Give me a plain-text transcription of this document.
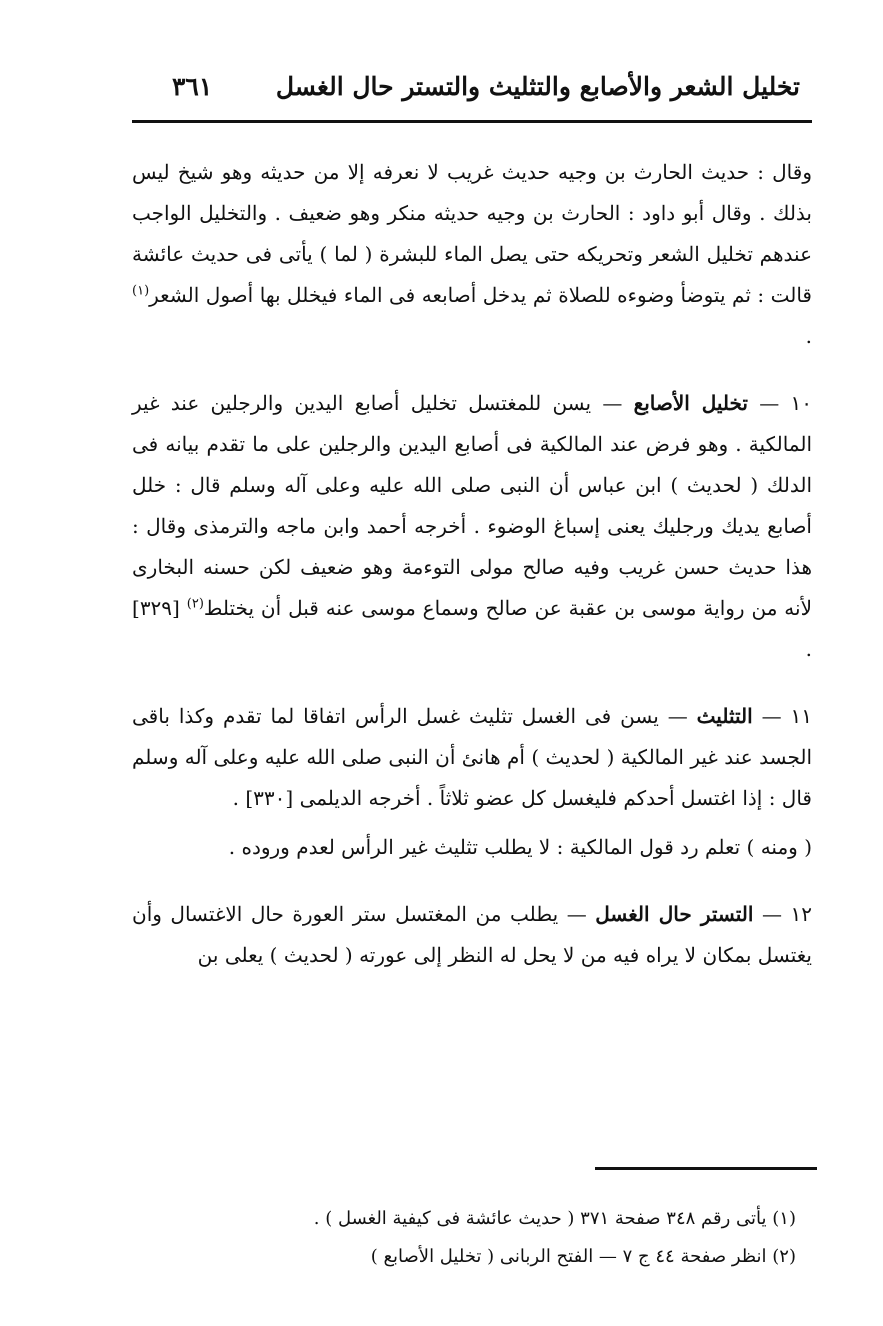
تخليل الشعر والأصابع والتثليث والتستر حال الغسل
٣٦١

وقال : حديث الحارث بن وجيه حديث غريب لا نعرفه إلا من حديثه وهو شيخ ليس بذلك . وقال أبو داود : الحارث بن وجيه حديثه منكر وهو ضعيف . والتخليل الواجب عندهم تخليل الشعر وتحريكه حتى يصل الماء للبشرة ( لما ) يأتى فى حديث عائشة قالت : ثم يتوضأ وضوءه للصلاة ثم يدخل أصابعه فى الماء فيخلل بها أصول الشعر$^{(١)}$ .

١٠ — تخليل الأصابع — يسن للمغتسل تخليل أصابع اليدين والرجلين عند غير المالكية . وهو فرض عند المالكية فى أصابع اليدين والرجلين على ما تقدم بيانه فى الدلك ( لحديث ) ابن عباس أن النبى صلى الله عليه وعلى آله وسلم قال : خلل أصابع يديك ورجليك يعنى إسباغ الوضوء . أخرجه أحمد وابن ماجه والترمذى وقال : هذا حديث حسن غريب وفيه صالح مولى التوءمة وهو ضعيف لكن حسنه البخارى لأنه من رواية موسى بن عقبة عن صالح وسماع موسى عنه قبل أن يختلط$^{(٢)}$ [٣٢٩] .

١١ — التثليث — يسن فى الغسل تثليث غسل الرأس اتفاقا لما تقدم وكذا باقى الجسد عند غير المالكية ( لحديث ) أم هانئ أن النبى صلى الله عليه وعلى آله وسلم قال : إذا اغتسل أحدكم فليغسل كل عضو ثلاثاً . أخرجه الديلمى [٣٣٠] .

( ومنه ) تعلم رد قول المالكية : لا يطلب تثليث غير الرأس لعدم وروده .

١٢ — التستر حال الغسل — يطلب من المغتسل ستر العورة حال الاغتسال وأن يغتسل بمكان لا يراه فيه من لا يحل له النظر إلى عورته ( لحديث ) يعلى بن

(١) يأتى رقم ٣٤٨ صفحة ٣٧١ ( حديث عائشة فى كيفية الغسل ) .

(٢) انظر صفحة ٤٤ ج ٧ — الفتح الربانى ( تخليل الأصابع )
